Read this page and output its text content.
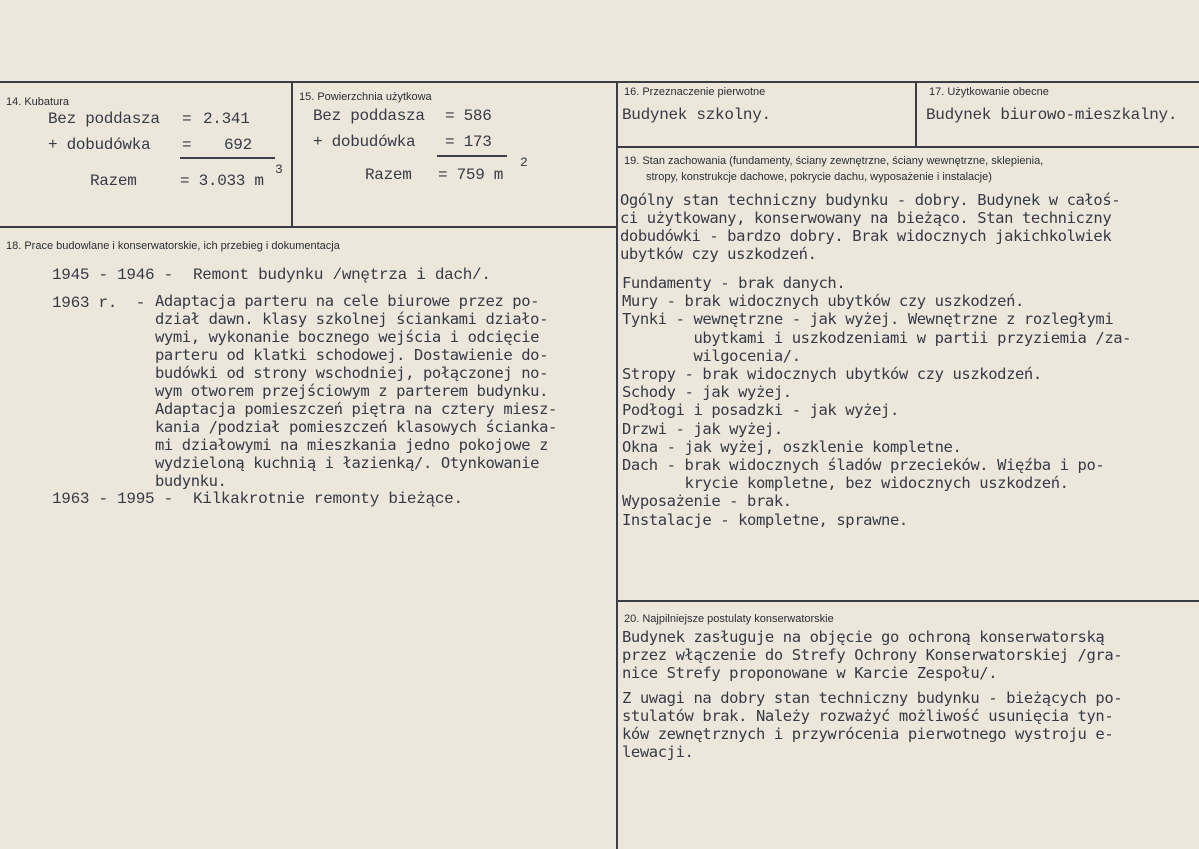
14. Kubatura
Bez poddasza = 2.341
+ dobudówka = 692
Razem	= 3.033 m
3
15. Powierzchnia użytkowa
Bez poddasza = 586
+ dobudówka = 173
Razem = 759 m
2
16. Przeznaczenie pierwotne
Budynek szkolny.
17. Użytkowanie obecne
Budynek biurowo-mieszkalny.
18. Prace budowlane i konserwatorskie, ich przebieg i dokumentacja
1945 - 1946 - Remont budynku /wnętrza i dach/.
1963 r.  - Adaptacja parteru na cele biurowe przez po-
dział dawn. klasy szkolnej ściankami działo-
wymi, wykonanie bocznego wejścia i odcięcie
parteru od klatki schodowej. Dostawienie do-
budówki od strony wschodniej, połączonej no-
wym otworem przejściowym z parterem budynku.
Adaptacja pomieszczeń piętra na cztery miesz-
kania /podział pomieszczeń klasowych ścianka-
mi działowymi na mieszkania jedno pokojowe z
wydzieloną kuchnią i łazienką/. Otynkowanie
budynku.
1963 - 1995 - Kilkakrotnie remonty bieżące.
19. Stan zachowania (fundamenty, ściany zewnętrzne, ściany wewnętrzne, sklepienia,
stropy, konstrukcje dachowe, pokrycie dachu, wyposażenie i instalacje)
Ogólny stan techniczny budynku - dobry. Budynek w całoś-
ci użytkowany, konserwowany na bieżąco. Stan techniczny
dobudówki - bardzo dobry. Brak widocznych jakichkolwiek
ubytków czy uszkodzeń.
Fundamenty - brak danych.
Mury - brak widocznych ubytków czy uszkodzeń.
Tynki - wewnętrzne - jak wyżej. Wewnętrzne z rozległymi
ubytkami i uszkodzeniami w partii przyziemia /za-
wilgocenia/.
Stropy - brak widocznych ubytków czy uszkodzeń.
Schody - jak wyżej.
Podłogi i posadzki - jak wyżej.
Drzwi - jak wyżej.
Okna - jak wyżej, oszklenie kompletne.
Dach - brak widocznych śladów przecieków. Więźba i po-
krycie kompletne, bez widocznych uszkodzeń.
Wyposażenie - brak.
Instalacje - kompletne, sprawne.
20. Najpilniejsze postulaty konserwatorskie
Budynek zasługuje na objęcie go ochroną konserwatorską
przez włączenie do Strefy Ochrony Konserwatorskiej /gra-
nice Strefy proponowane w Karcie Zespołu/.
Z uwagi na dobry stan techniczny budynku - bieżących po-
stulatów brak. Należy rozważyć możliwość usunięcia tyn-
ków zewnętrznych i przywrócenia pierwotnego wystroju e-
lewacji.
